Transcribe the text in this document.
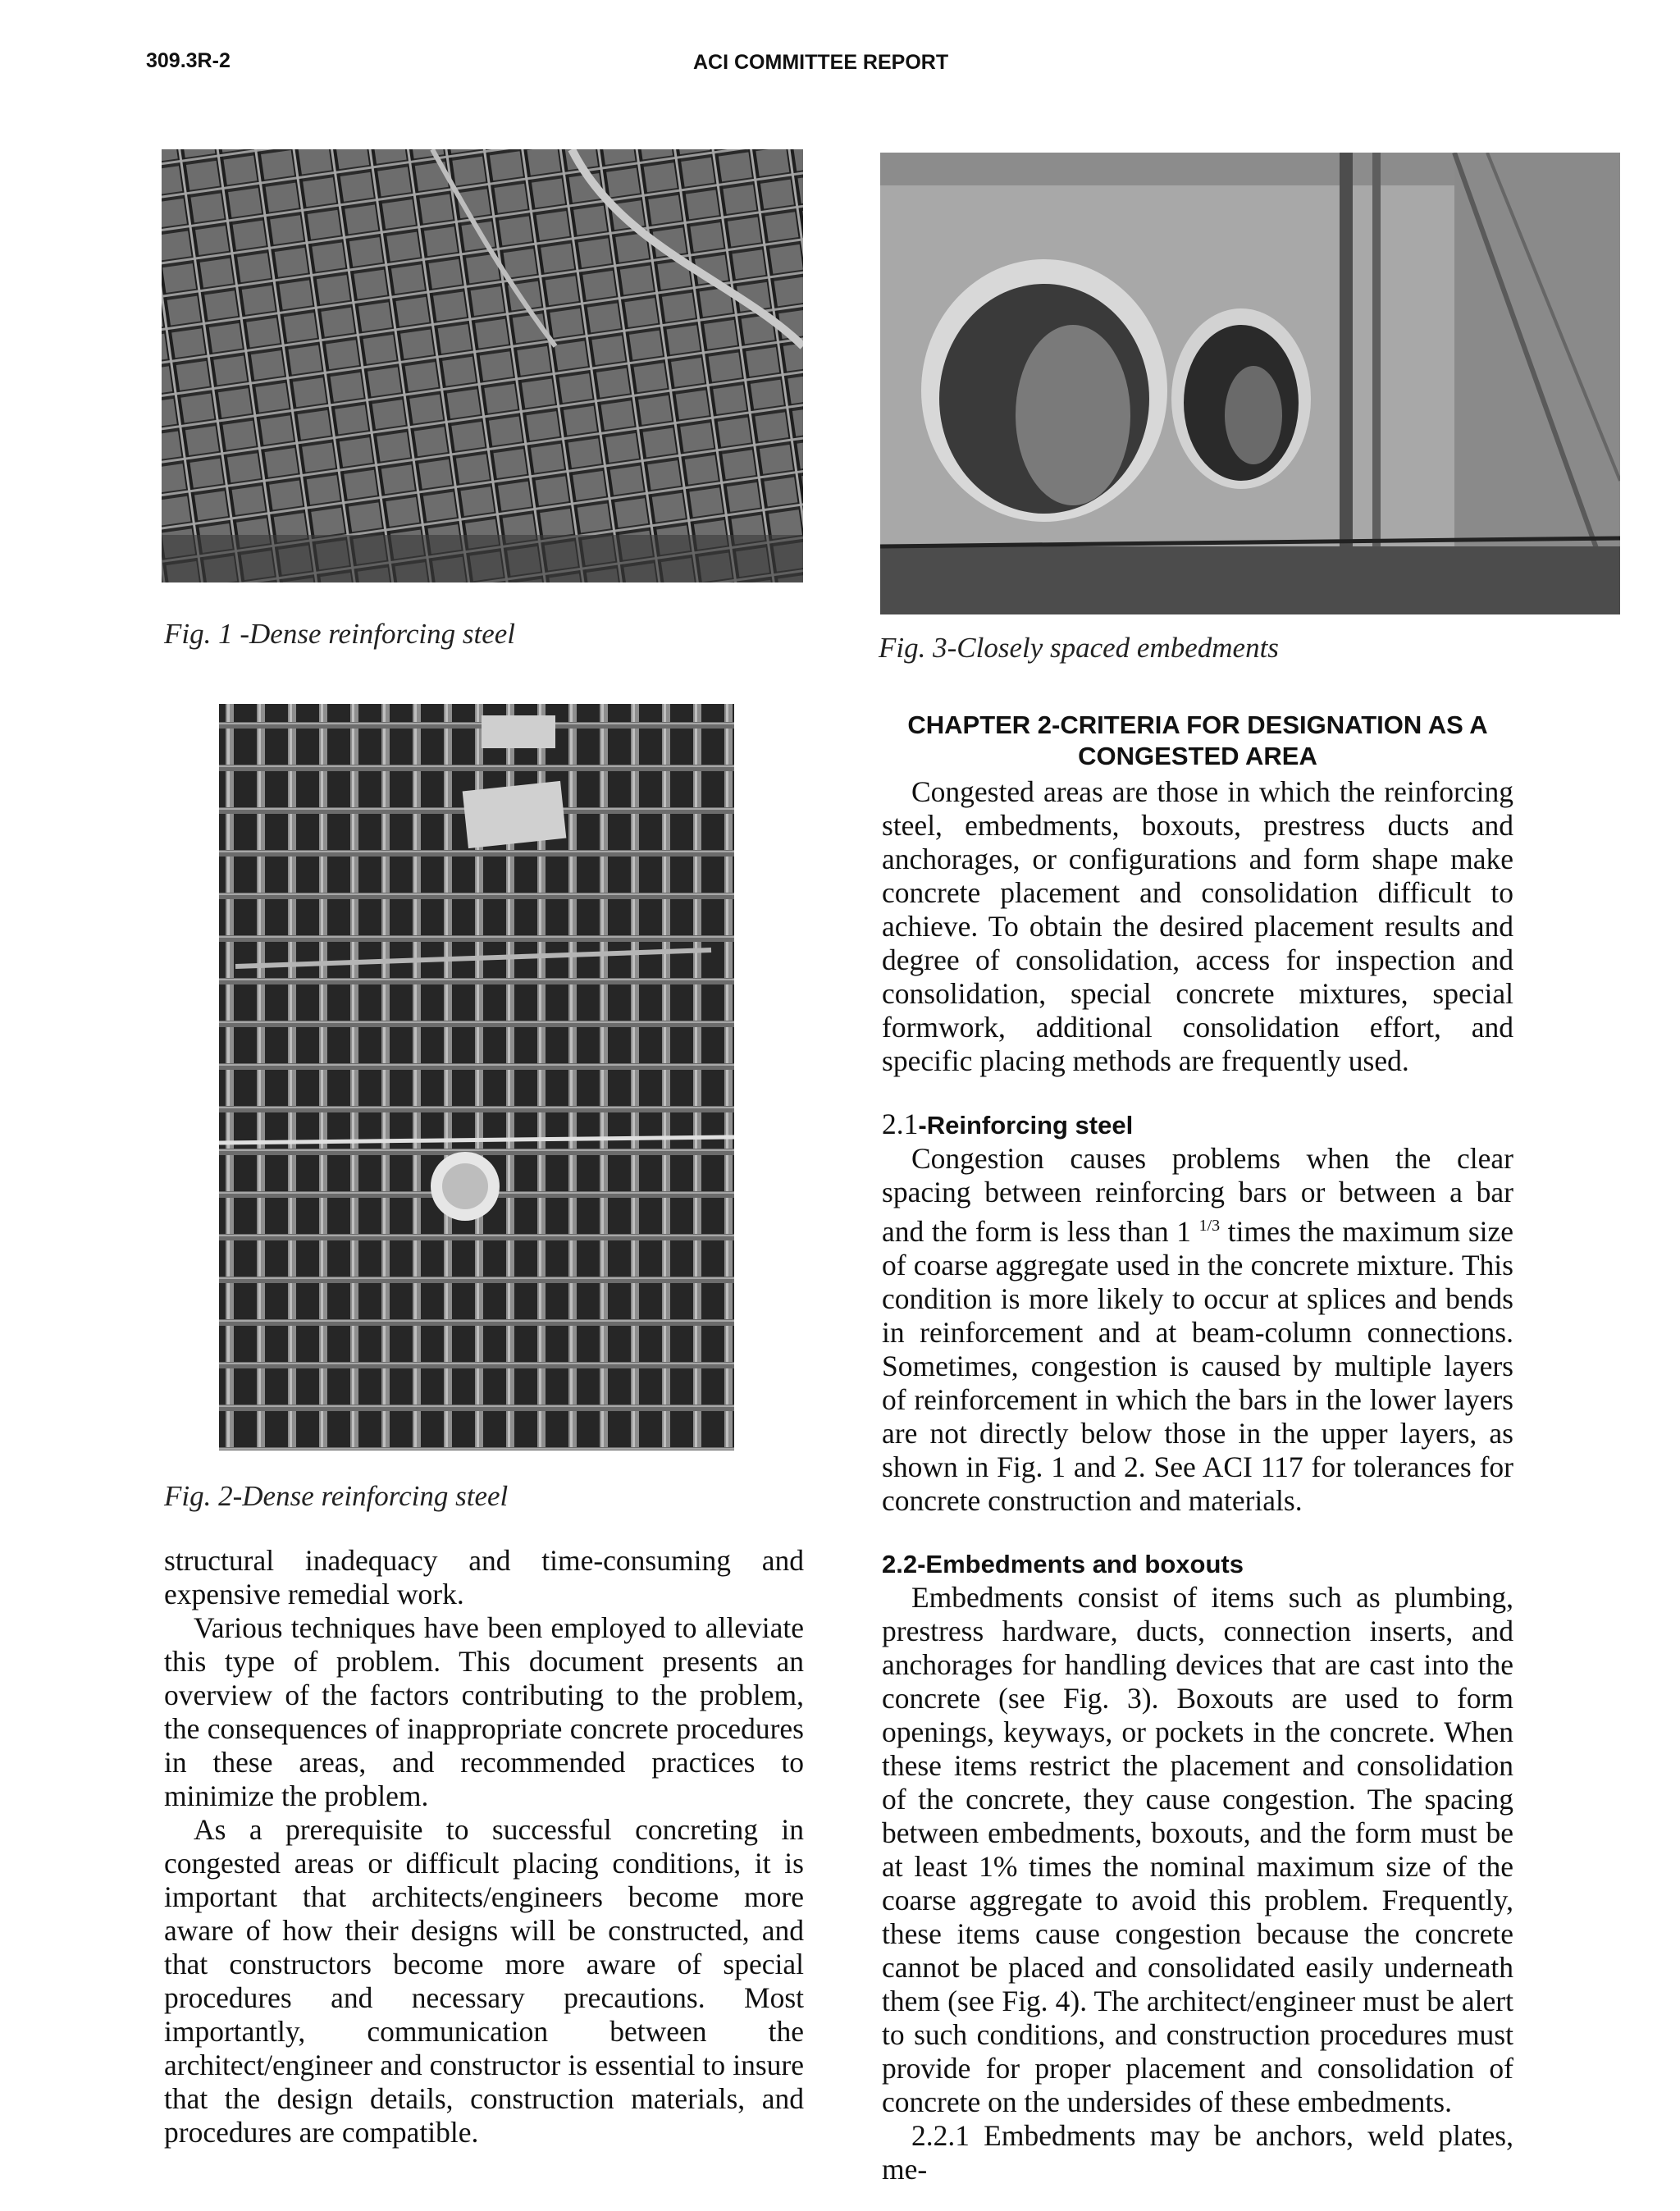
309.3R-2	ACI COMMITTEE REPORT
Fig. 1 -Dense reinforcing steel	Fig. 3-Closely spaced embedments
Fig. 2-Dense reinforcing steel

structural inadequacy and time-consuming and expensive remedial work.

Various techniques have been employed to alleviate this type of problem. This document presents an overview of the factors contributing to the problem, the consequences of inappropriate concrete procedures in these areas, and recommended practices to minimize the problem.

As a prerequisite to successful concreting in congested areas or difficult placing conditions, it is important that architects/engineers become more aware of how their designs will be constructed, and that constructors become more aware of special procedures and necessary precautions. Most importantly, communication between the architect/engineer and constructor is essential to insure that the design details, construction materials, and procedures are compatible.

CHAPTER 2-CRITERIA FOR DESIGNATION AS A CONGESTED AREA

Congested areas are those in which the reinforcing steel, embedments, boxouts, prestress ducts and anchorages, or configurations and form shape make concrete placement and consolidation difficult to achieve. To obtain the desired placement results and degree of consolidation, access for inspection and consolidation, special concrete mixtures, special formwork, additional consolidation effort, and specific placing methods are frequently used.

2.1-Reinforcing steel

Congestion causes problems when the clear spacing between reinforcing bars or between a bar and the form is less than 1 $^{1/3}$ times the maximum size of coarse aggregate used in the concrete mixture. This condition is more likely to occur at splices and bends in reinforcement and at beam-column connections. Sometimes, congestion is caused by multiple layers of reinforcement in which the bars in the lower layers are not directly below those in the upper layers, as shown in Fig. 1 and 2. See ACI 117 for tolerances for concrete construction and materials.

2.2-Embedments and boxouts

Embedments consist of items such as plumbing, prestress hardware, ducts, connection inserts, and anchorages for handling devices that are cast into the concrete (see Fig. 3). Boxouts are used to form openings, keyways, or pockets in the concrete. When these items restrict the placement and consolidation of the concrete, they cause congestion. The spacing between embedments, boxouts, and the form must be at least 1% times the nominal maximum size of the coarse aggregate to avoid this problem. Frequently, these items cause congestion because the concrete cannot be placed and consolidated easily underneath them (see Fig. 4). The architect/engineer must be alert to such conditions, and construction procedures must provide for proper placement and consolidation of concrete on the undersides of these embedments.

2.2.1 Embedments may be anchors, weld plates, me-
